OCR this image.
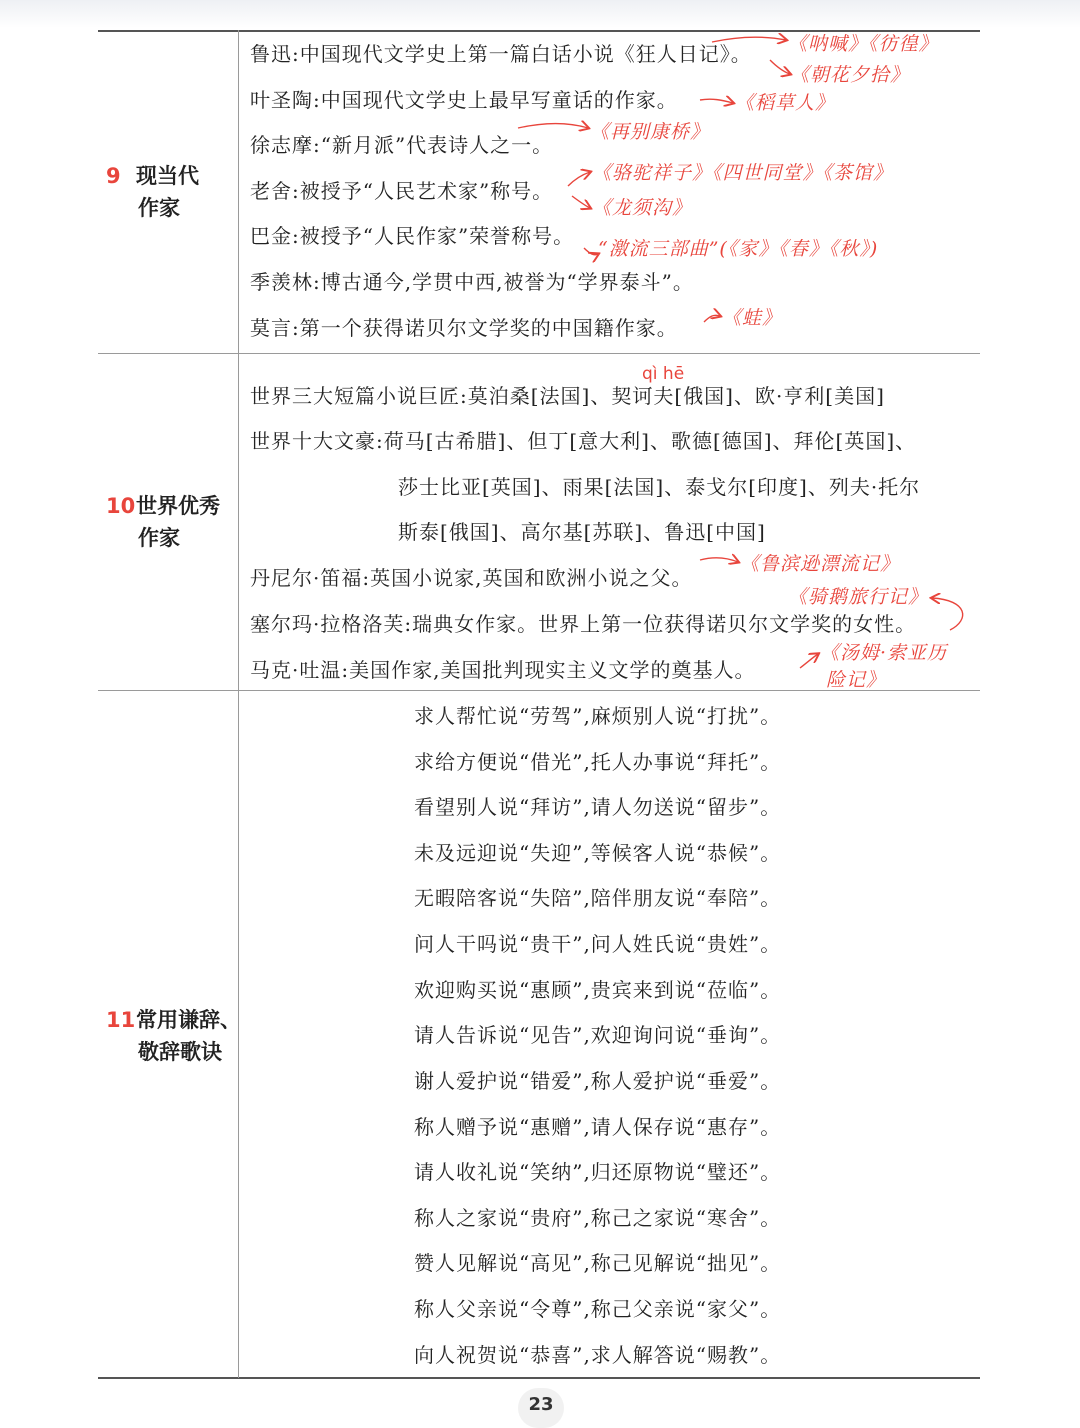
9 现当代
作家
鲁迅:中国现代文学史上第一篇白话小说《狂人日记》。
叶圣陶:中国现代文学史上最早写童话的作家。
徐志摩:“新月派”代表诗人之一。
老舍:被授予“人民艺术家”称号。
巴金:被授予“人民作家”荣誉称号。
季羡林:博古通今,学贯中西,被誉为“学界泰斗”。
莫言:第一个获得诺贝尔文学奖的中国籍作家。
《呐喊》《彷徨》
《朝花夕拾》
《稻草人》
《再别康桥》
《骆驼祥子》《四世同堂》《茶馆》
《龙须沟》
“激流三部曲”(《家》《春》《秋》)
《蛙》
10世界优秀
作家
qì hē
世界三大短篇小说巨匠:莫泊桑[法国]、契诃夫[俄国]、欧·亨利[美国]
世界十大文豪:荷马[古希腊]、但丁[意大利]、歌德[德国]、拜伦[英国]、
莎士比亚[英国]、雨果[法国]、泰戈尔[印度]、列夫·托尔
斯泰[俄国]、高尔基[苏联]、鲁迅[中国]
丹尼尔·笛福:英国小说家,英国和欧洲小说之父。
塞尔玛·拉格洛芙:瑞典女作家。世界上第一位获得诺贝尔文学奖的女性。
马克·吐温:美国作家,美国批判现实主义文学的奠基人。
《鲁滨逊漂流记》
《骑鹅旅行记》
《汤姆·索亚历
险记》
11常用谦辞、
敬辞歌诀
求人帮忙说“劳驾”,麻烦别人说“打扰”。
求给方便说“借光”,托人办事说“拜托”。
看望别人说“拜访”,请人勿送说“留步”。
未及远迎说“失迎”,等候客人说“恭候”。
无暇陪客说“失陪”,陪伴朋友说“奉陪”。
问人干吗说“贵干”,问人姓氏说“贵姓”。
欢迎购买说“惠顾”,贵宾来到说“莅临”。
请人告诉说“见告”,欢迎询问说“垂询”。
谢人爱护说“错爱”,称人爱护说“垂爱”。
称人赠予说“惠赠”,请人保存说“惠存”。
请人收礼说“笑纳”,归还原物说“璧还”。
称人之家说“贵府”,称己之家说“寒舍”。
赞人见解说“高见”,称己见解说“拙见”。
称人父亲说“令尊”,称己父亲说“家父”。
向人祝贺说“恭喜”,求人解答说“赐教”。
23
